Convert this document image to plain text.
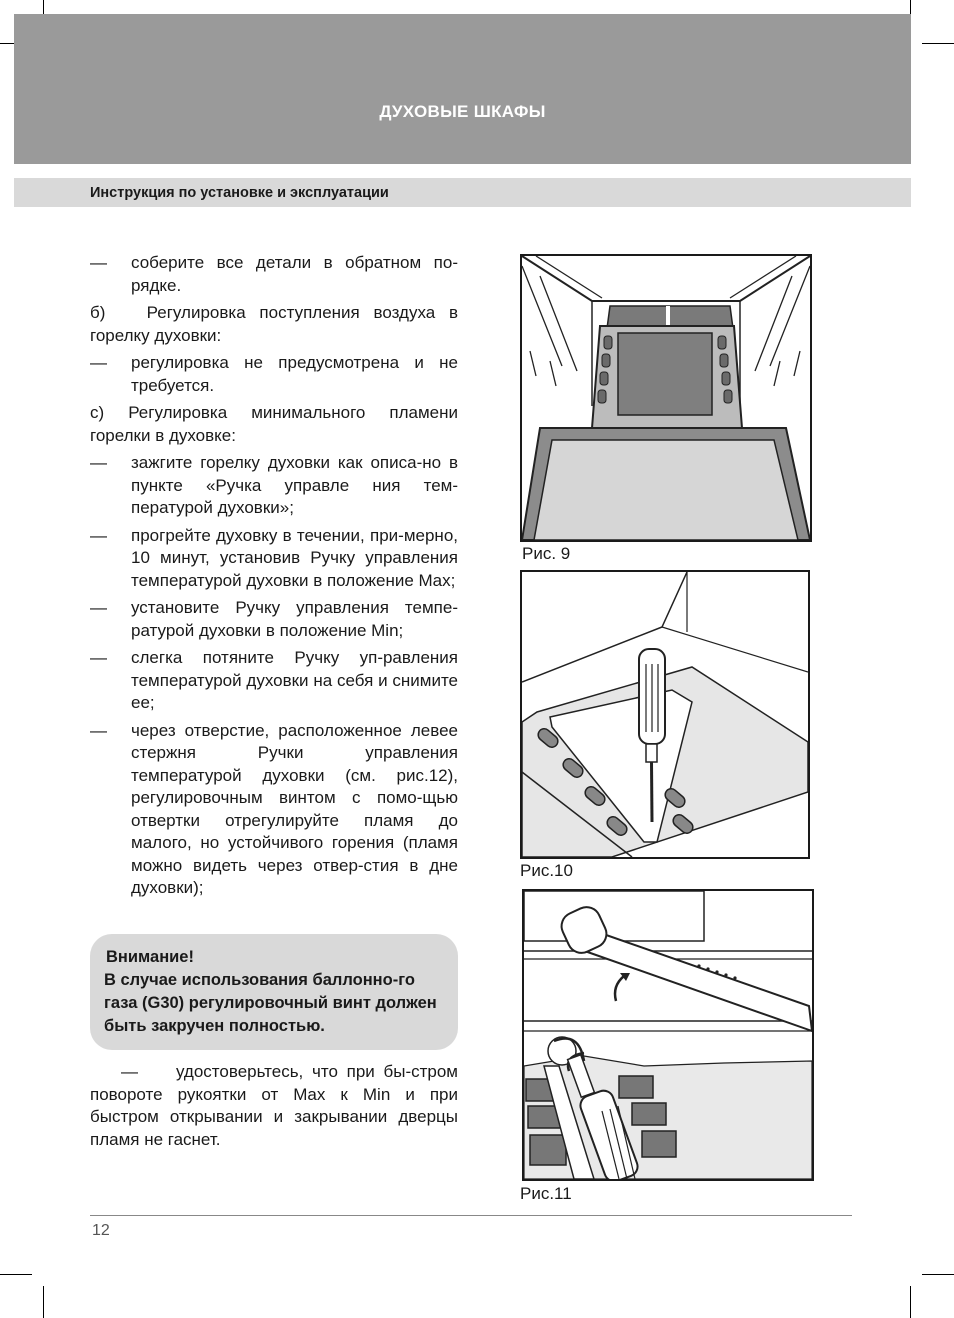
ДУХОВЫЕ ШКАФЫ
Инструкция по установке и эксплуатации
— соберите все детали в обратном по-рядке.
б)   Регулировка поступления воздуха в горелку духовки:
— регулировка не предусмотрена и не требуется.
с) Регулировка минимального пламени горелки в духовке:
— зажгите горелку духовки как описа-но в пункте «Ручка управле ния тем-пературой духовки»;
— прогрейте духовку в течении, при-мерно, 10 минут, установив Ручку управления температурой духовки в положение Max;
— установите Ручку управления темпе-ратурой духовки в положение Min;
— слегка потяните Ручку уп-равления температурой духовки на себя и снимите ее;
— через отверстие, расположенное левее стержня Ручки управления температурой духовки (см. рис.12), регулировочным винтом с помо-щью отвертки отрегулируйте пламя до малого, но устойчивого горения (пламя можно видеть через отвер-стия в дне духовки);
Внимание!
В случае использования баллонно-го газа (G30) регулировочный винт должен быть закручен полностью.
— удостоверьтесь, что при бы-стром повороте рукоятки от Max к Min и при быстром открывании и закрывании дверцы пламя не гаснет.
Рис. 9
Рис.10
Рис.11
12
